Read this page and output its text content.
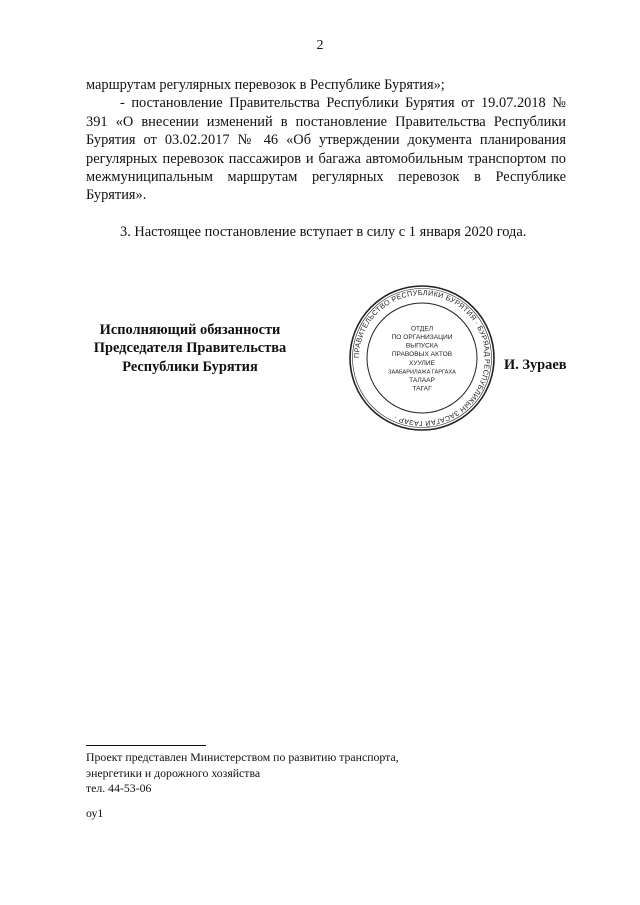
2

маршрутам регулярных перевозок в Республике Бурятия»;

- постановление Правительства Республики Бурятия от 19.07.2018 № 391 «О внесении изменений в постановление Правительства Республики Бурятия от 03.02.2017 № 46 «Об утверждении документа планирования регулярных перевозок пассажиров и багажа автомобильным транспортом по межмуниципальным маршрутам регулярных перевозок в Республике Бурятия».

3. Настоящее постановление вступает в силу с 1 января 2020 года.

Исполняющий обязанности
Председателя Правительства
Республики Бурятия
ПРАВИТЕЛЬСТВО РЕСПУБЛИКИ БУРЯТИЯ · БУРЯАД РЕСПУБЛИКЫН ЗАСАГАЙ ГАЗАР ·
ОТДЕЛ
ПО ОРГАНИЗАЦИИ
ВЫПУСКА
ПРАВОВЫХ АКТОВ
ХУУЛИЕ
ЗААБАРИЛАЖА ГАРГАХА
ТАЛААР
ТАГАГ
И. Зураев
Проект представлен Министерством по развитию транспорта,
энергетики и дорожного хозяйства
тел. 44-53-06
оу1
